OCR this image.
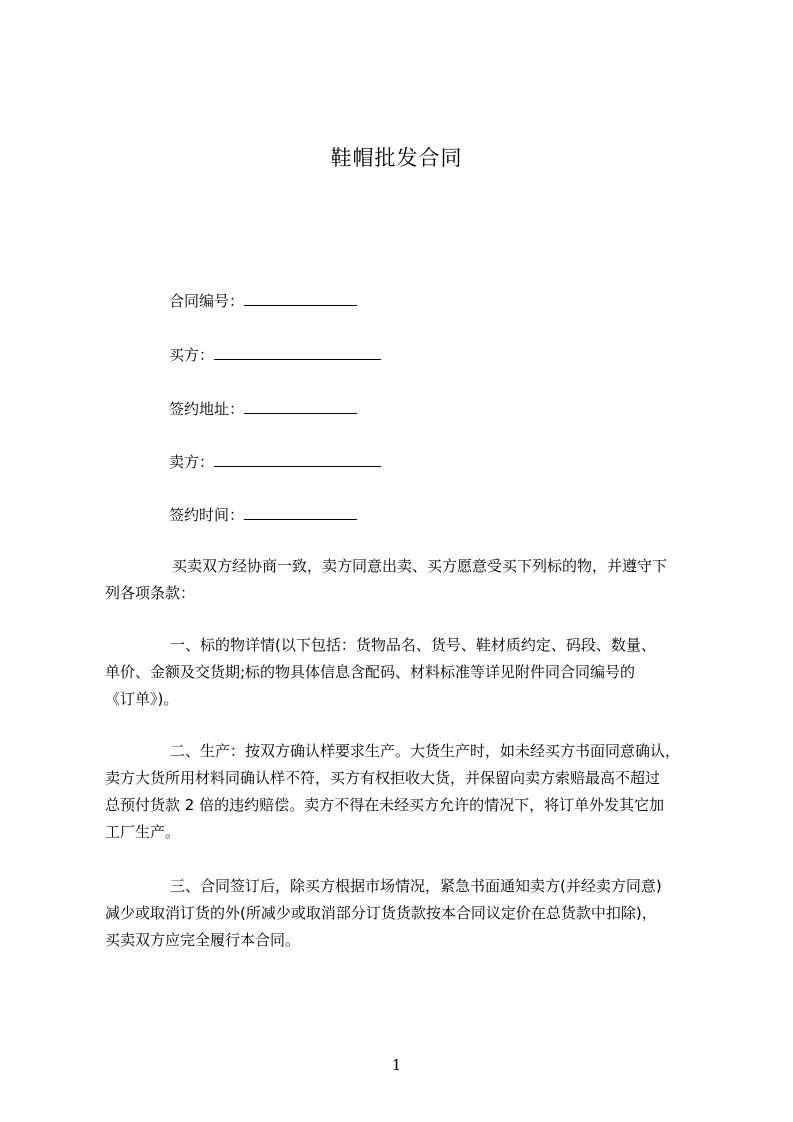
鞋帽批发合同
合同编号：
买方：
签约地址：
卖方：
签约时间：

买卖双方经协商一致，卖方同意出卖、买方愿意受买下列标的物，并遵守下

列各项条款：

一、标的物详情(以下包括：货物品名、货号、鞋材质约定、码段、数量、

单价、金额及交货期;标的物具体信息含配码、材料标准等详见附件同合同编号的

《订单》)。

二、生产：按双方确认样要求生产。大货生产时，如未经买方书面同意确认，

卖方大货所用材料同确认样不符，买方有权拒收大货，并保留向卖方索赔最高不超过

总预付货款 2 倍的违约赔偿。卖方不得在未经买方允许的情况下，将订单外发其它加

工厂生产。

三、合同签订后，除买方根据市场情况，紧急书面通知卖方(并经卖方同意)

减少或取消订货的外(所减少或取消部分订货货款按本合同议定价在总货款中扣除)，

买卖双方应完全履行本合同。

1
